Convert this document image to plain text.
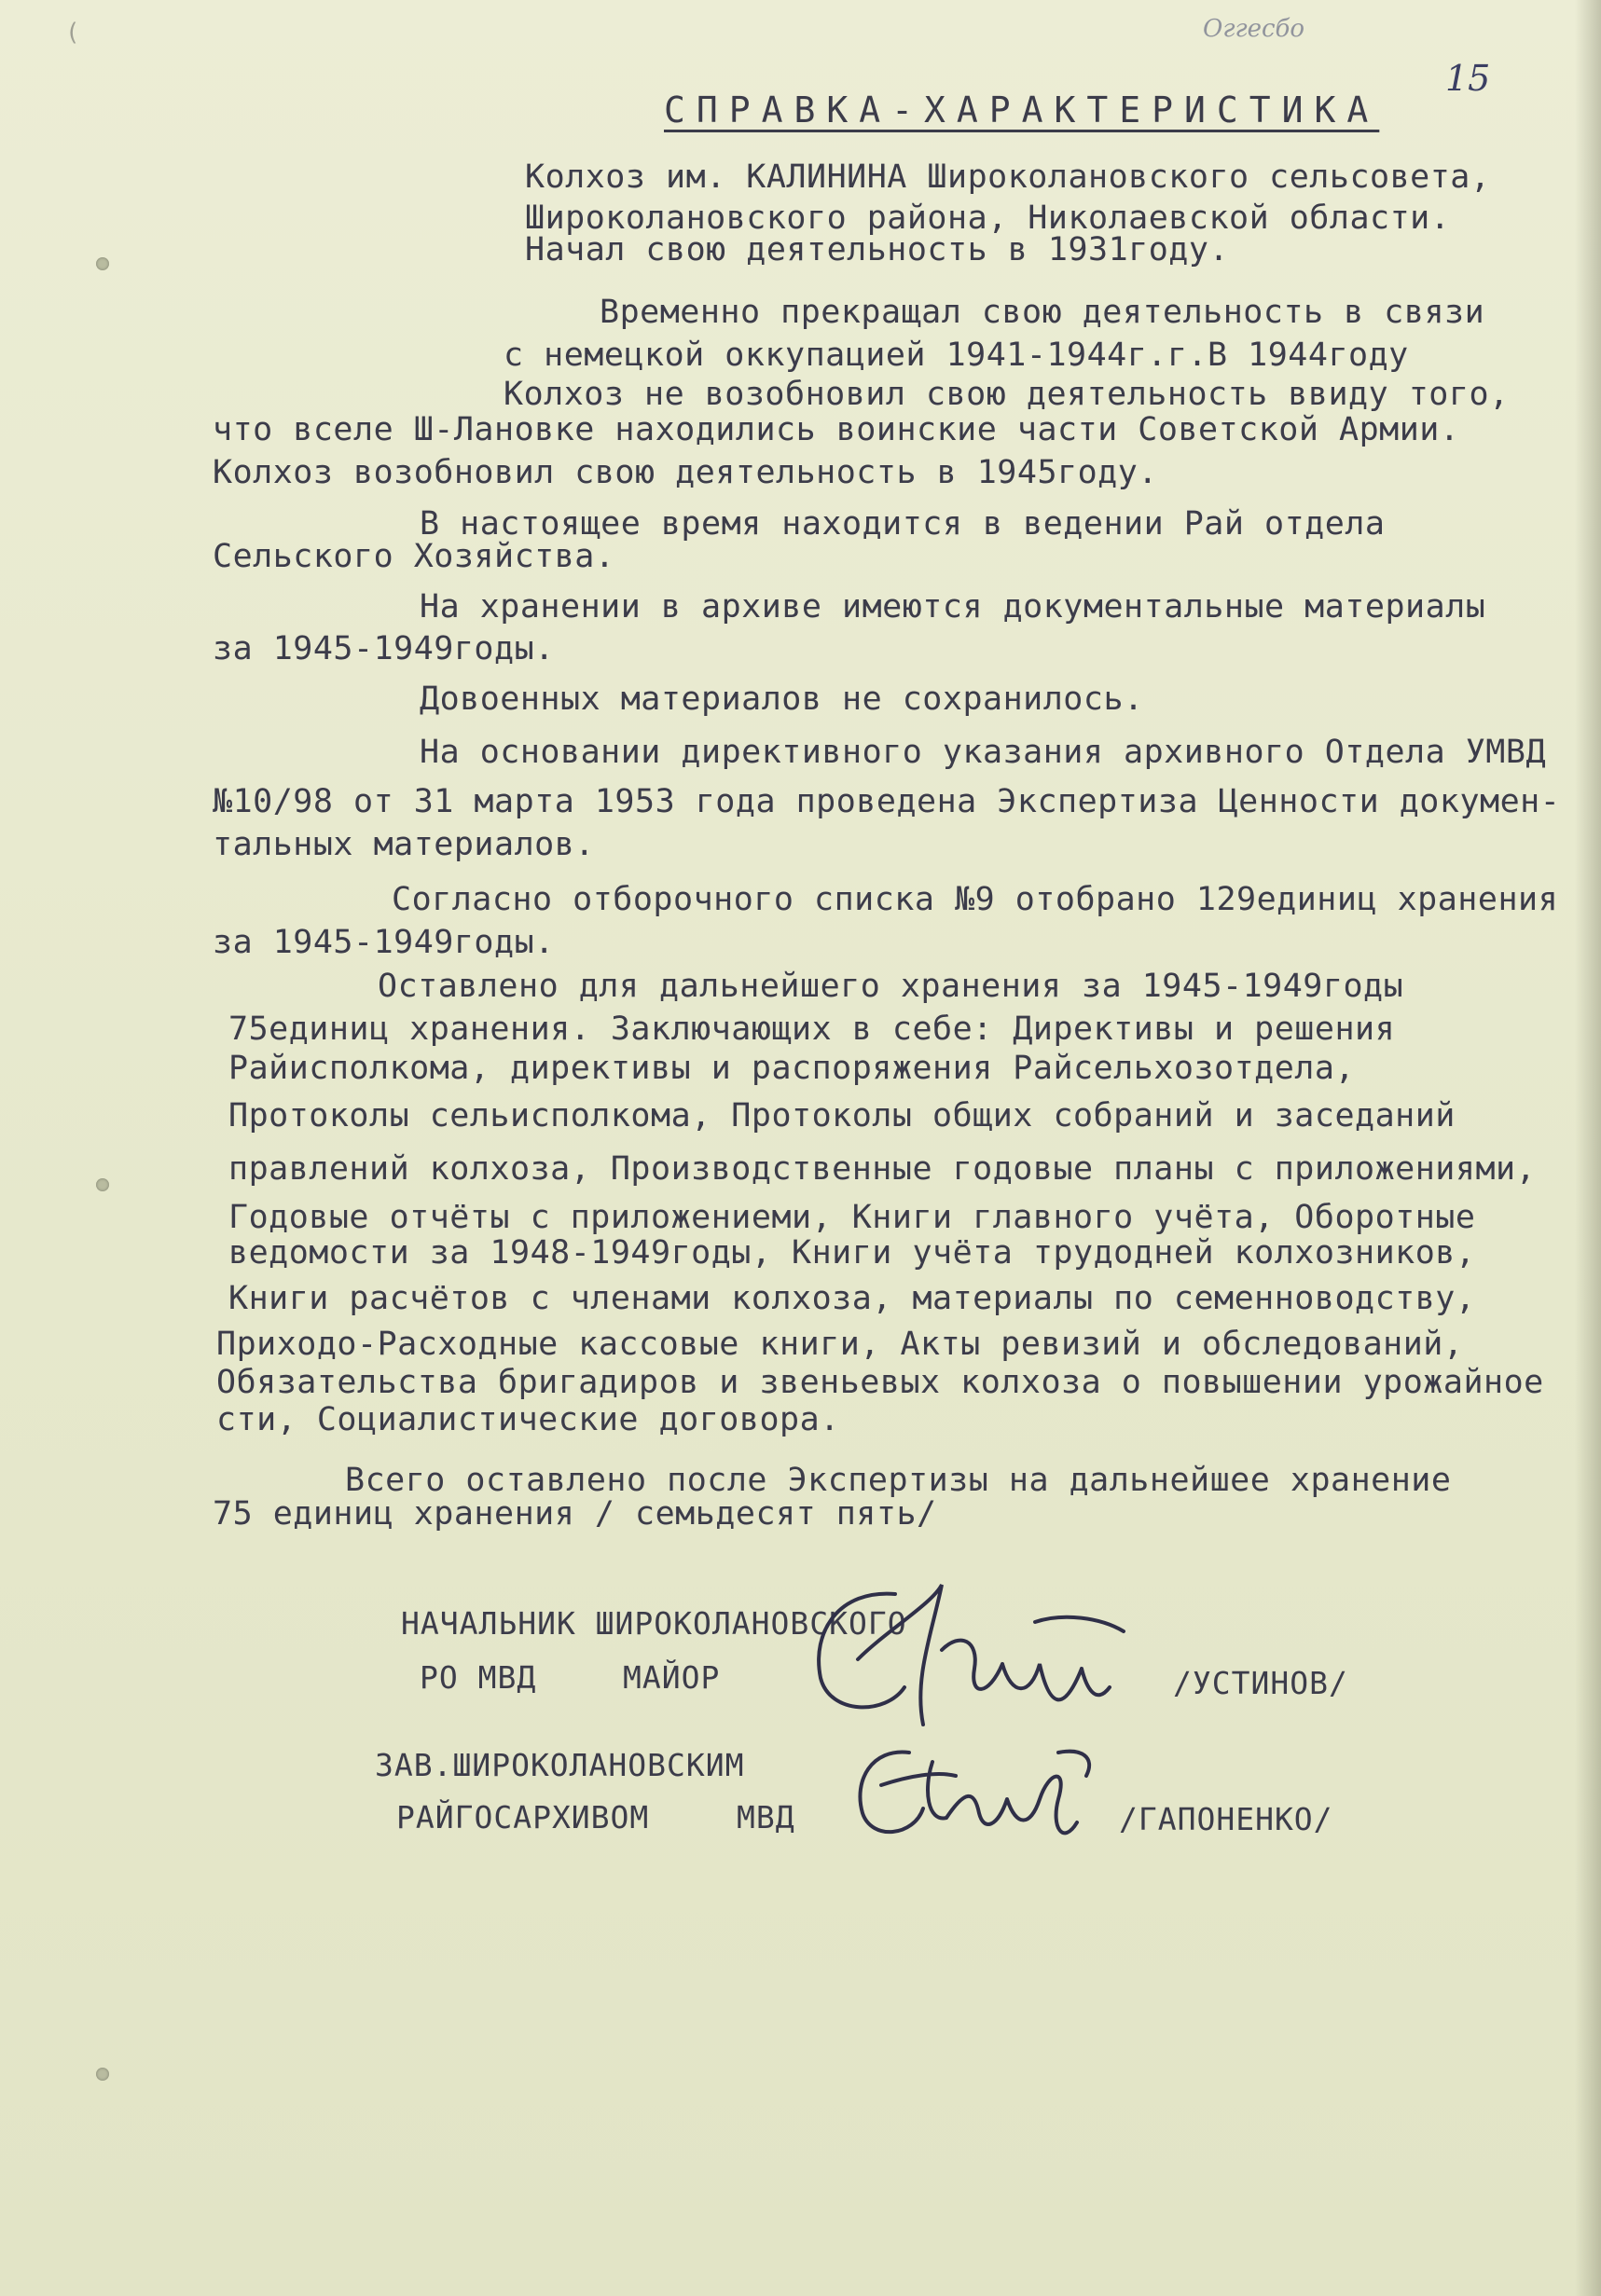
(	Оггесбо
15
СПРАВКА-ХАРАКТЕРИСТИКА
Колхоз им. КАЛИНИНА Широколановского сельсовета,
Широколановского района, Николаевской области.
Начал свою деятельность в 1931году.
Временно прекращал свою деятельность в связи
с немецкой оккупацией 1941-1944г.г.В 1944году
Колхоз не возобновил свою деятельность ввиду того,
что вселе Ш-Лановке находились воинские части Советской Армии.
Колхоз возобновил свою деятельность в 1945году.
В настоящее время находится в ведении Рай отдела
Сельского Хозяйства.
На хранении в архиве имеются документальные материалы
за 1945-1949годы.
Довоенных материалов не сохранилось.
На основании директивного указания архивного Отдела УМВД
№10/98 от 31 марта 1953 года проведена Экспертиза Ценности докумен-
тальных материалов.
Согласно отборочного списка №9 отобрано 129единиц хранения
за 1945-1949годы.
Оставлено для дальнейшего хранения за 1945-1949годы
75единиц хранения. Заключающих в себе: Директивы и решения
Райисполкома, директивы и распоряжения Райсельхозотдела,
Протоколы сельисполкома, Протоколы общих собраний и заседаний
правлений колхоза, Производственные годовые планы с приложениями,
Годовые отчёты с приложениеми, Книги главного учёта, Оборотные
ведомости за 1948-1949годы, Книги учёта трудодней колхозников,
Книги расчётов с членами колхоза, материалы по семенноводству,
Приходо-Расходные кассовые книги, Акты ревизий и обследований,
Обязательства бригадиров и звеньевых колхоза о повышении урожайное
сти, Социалистические договора.
Всего оставлено после Экспертизы на дальнейшее хранение
75 единиц хранения / семьдесят пять/
НАЧАЛЬНИК ШИРОКОЛАНОВСКОГО
РО МВД	МАЙОР	/УСТИНОВ/
ЗАВ.ШИРОКОЛАНОВСКИМ
РАЙГОСАРХИВОМ	МВД	/ГАПОНЕНКО/
